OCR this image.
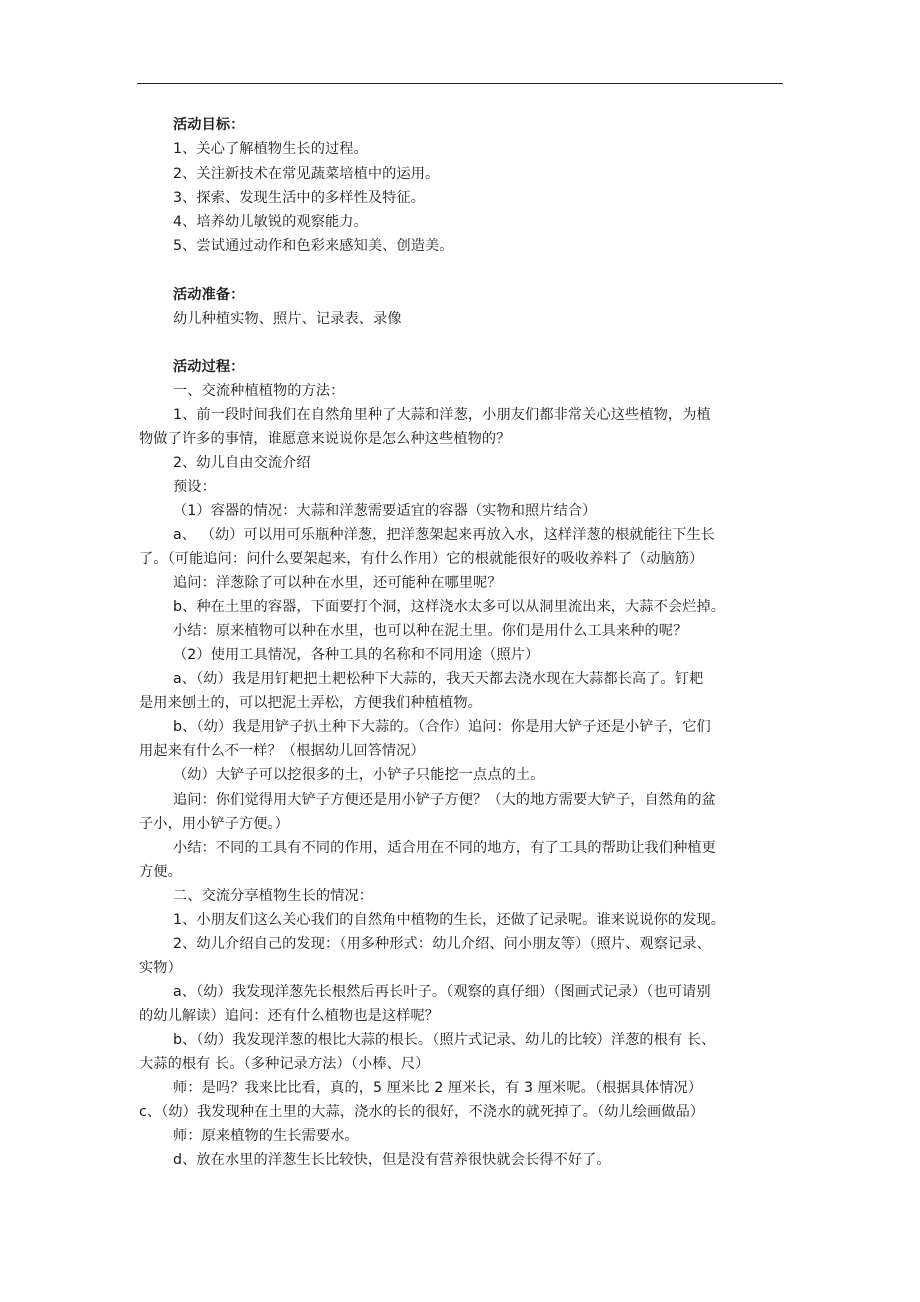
活动目标：
1、关心了解植物生长的过程。
2、关注新技术在常见蔬菜培植中的运用。
3、探索、发现生活中的多样性及特征。
4、培养幼儿敏锐的观察能力。
5、尝试通过动作和色彩来感知美、创造美。
活动准备：
幼儿种植实物、照片、记录表、录像
活动过程：
一、交流种植植物的方法：
1、前一段时间我们在自然角里种了大蒜和洋葱，小朋友们都非常关心这些植物，为植
物做了许多的事情，谁愿意来说说你是怎么种这些植物的？
2、幼儿自由交流介绍
预设：
（1）容器的情况：大蒜和洋葱需要适宜的容器（实物和照片结合）
a、 （幼）可以用可乐瓶种洋葱，把洋葱架起来再放入水，这样洋葱的根就能往下生长
了。（可能追问：问什么要架起来，有什么作用）它的根就能很好的吸收养料了（动脑筋）
追问：洋葱除了可以种在水里，还可能种在哪里呢？
b、种在土里的容器，下面要打个洞，这样浇水太多可以从洞里流出来，大蒜不会烂掉。
小结：原来植物可以种在水里，也可以种在泥土里。你们是用什么工具来种的呢？
（2）使用工具情况，各种工具的名称和不同用途（照片）
a、（幼）我是用钉耙把土耙松种下大蒜的，我天天都去浇水现在大蒜都长高了。钉耙
是用来刨土的，可以把泥土弄松，方便我们种植植物。
b、（幼）我是用铲子扒土种下大蒜的。（合作）追问：你是用大铲子还是小铲子，它们
用起来有什么不一样？（根据幼儿回答情况）
（幼）大铲子可以挖很多的土，小铲子只能挖一点点的土。
追问：你们觉得用大铲子方便还是用小铲子方便？（大的地方需要大铲子，自然角的盆
子小，用小铲子方便。）
小结：不同的工具有不同的作用，适合用在不同的地方，有了工具的帮助让我们种植更
方便。
二、交流分享植物生长的情况：
1、小朋友们这么关心我们的自然角中植物的生长，还做了记录呢。谁来说说你的发现。
2、幼儿介绍自己的发现：（用多种形式：幼儿介绍、问小朋友等）（照片、观察记录、
实物）
a、（幼）我发现洋葱先长根然后再长叶子。（观察的真仔细）（图画式记录）（也可请别
的幼儿解读）追问：还有什么植物也是这样呢？
b、（幼）我发现洋葱的根比大蒜的根长。（照片式记录、幼儿的比较）洋葱的根有 长、
大蒜的根有 长。（多种记录方法）（小棒、尺）
师：是吗？我来比比看，真的，5 厘米比 2 厘米长，有 3 厘米呢。（根据具体情况）
c、（幼）我发现种在土里的大蒜，浇水的长的很好，不浇水的就死掉了。（幼儿绘画做品）
师：原来植物的生长需要水。
d、放在水里的洋葱生长比较快，但是没有营养很快就会长得不好了。
